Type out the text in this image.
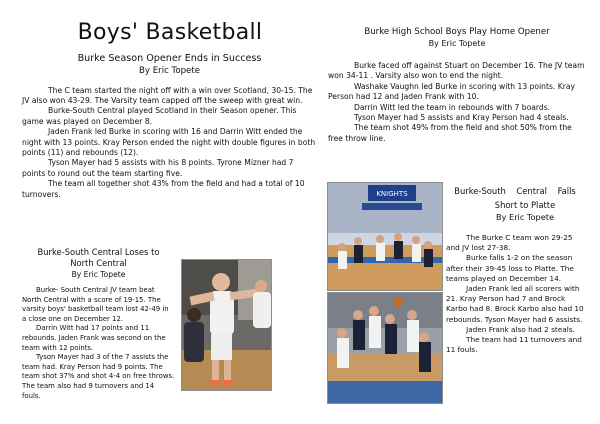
Boys' Basketball
Burke Season Opener Ends in Success
By Eric Topete

The C team started the night off with a win over Scotland, 30-15. The JV also won 43-29. The Varsity team capped off the sweep with great win.

Burke-South Central played Scotland in their Season opener. This game was played on December 8.

Jaden Frank led Burke in scoring with 16 and Darrin Witt ended the night with 13 points. Kray Person ended the night with double figures in both points (11) and rebounds (12).

Tyson Mayer had 5 assists with his 8 points. Tyrone Mizner had 7 points to round out the team starting five.

The team all together shot 43% from the field and had a total of 10 turnovers.

Burke-South Central Loses to North Central
By Eric Topete

Burke- South Central JV team beat North Central with a score of 19-15. The varsity boys' basketball team lost 42-49 in a close one on December 12.

Darrin Witt had 17 points and 11 rebounds. Jaden Frank was second on the team with 12 points.

Tyson Mayer had 3 of the 7 assists the team had. Kray Person had 9 points. The team shot 37% and shot 4-4 on free throws. The team also had 9 turnovers and 14 fouls.

Burke High School Boys Play Home Opener
By Eric Topete

Burke faced off against Stuart on December 16. The JV team won 34-11 . Varsity also won to end the night.

Washake Vaughn led Burke in scoring with 13 points. Kray Person had 12 and Jaden Frank with 10.

Darrin Witt led the team in rebounds with 7 boards.

Tyson Mayer had 5 assists and Kray Person had 4 steals.

The team shot 49% from the field and shot 50% from the free throw line.

KNIGHTS	Burke-South    Central    Falls
Short to Platte
By Eric Topete

The Burke C team won 29-25 and JV lost 27-38.

Burke falls 1-2 on the season after their 39-45 loss to Platte. The teams played on December 14.

Jaden Frank led all scorers with 21. Kray Person had 7 and Brock Karbo had 8. Brock Karbo also had 10 rebounds. Tyson Mayer had 6 assists.

Jaden Frank also had 2 steals.

The team had 11 turnovers and 11 fouls.
